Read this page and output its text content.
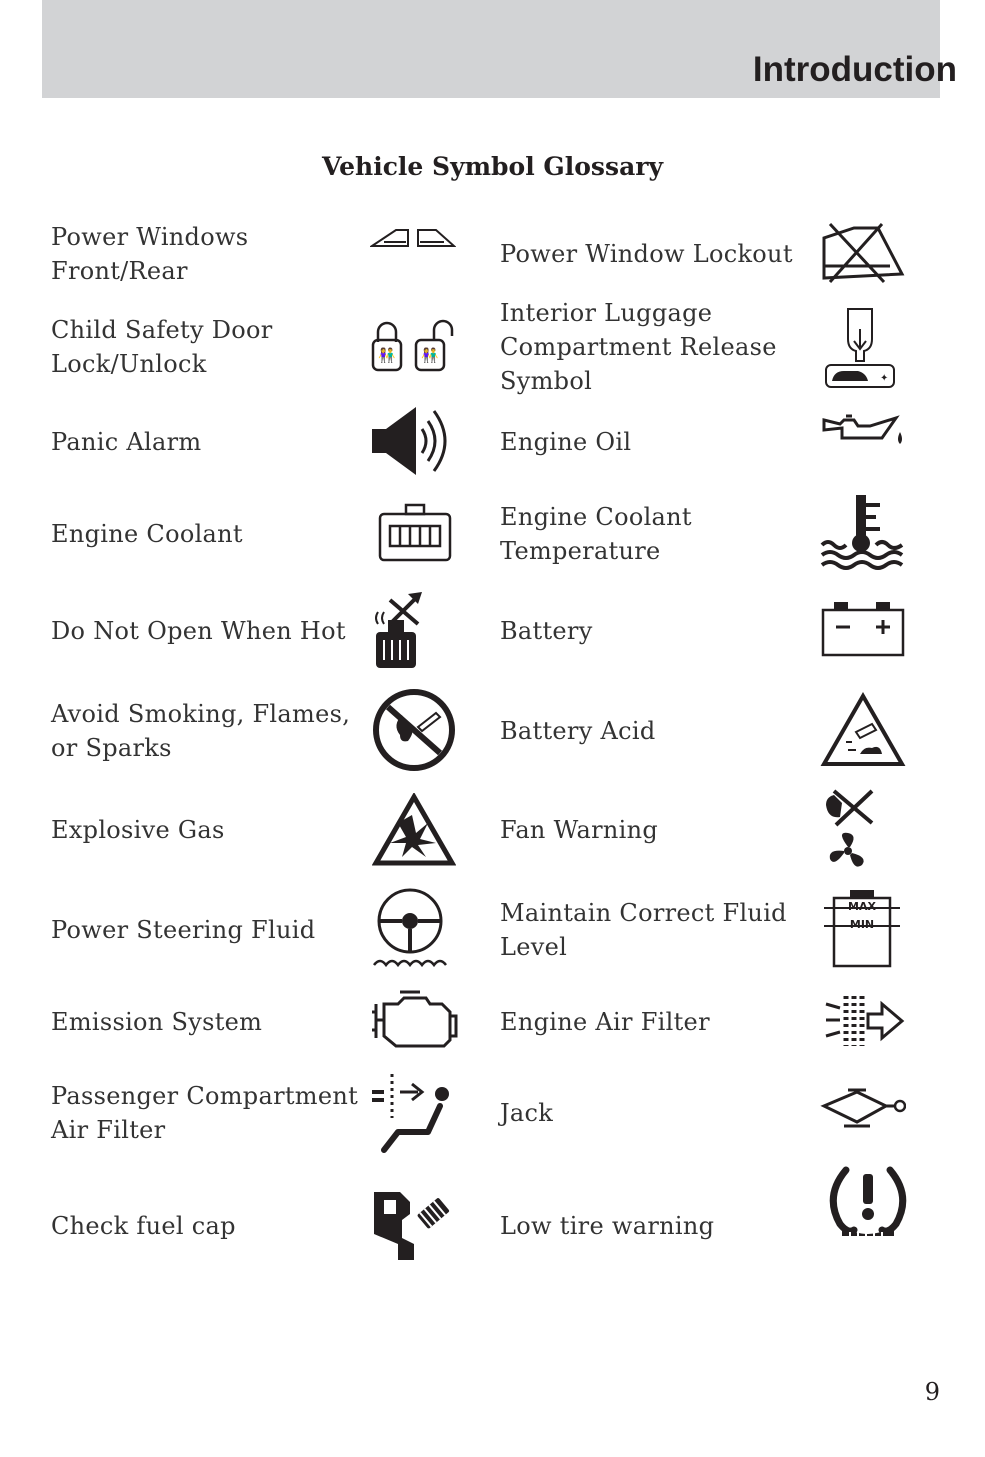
Introduction
Vehicle Symbol Glossary
Power Windows
Front/Rear
Child Safety Door
Lock/Unlock
Panic Alarm
Engine Coolant
Do Not Open When Hot
Avoid Smoking, Flames,
or Sparks
Explosive Gas
Power Steering Fluid
Emission System
Passenger Compartment
Air Filter
Check fuel cap
Power Window Lockout
Interior Luggage
Compartment Release
Symbol
Engine Oil
Engine Coolant
Temperature
Battery
Battery Acid
Fan Warning
Maintain Correct Fluid
Level
Engine Air Filter
Jack
Low tire warning
👫 👫
✦
MAX
MIN
9
